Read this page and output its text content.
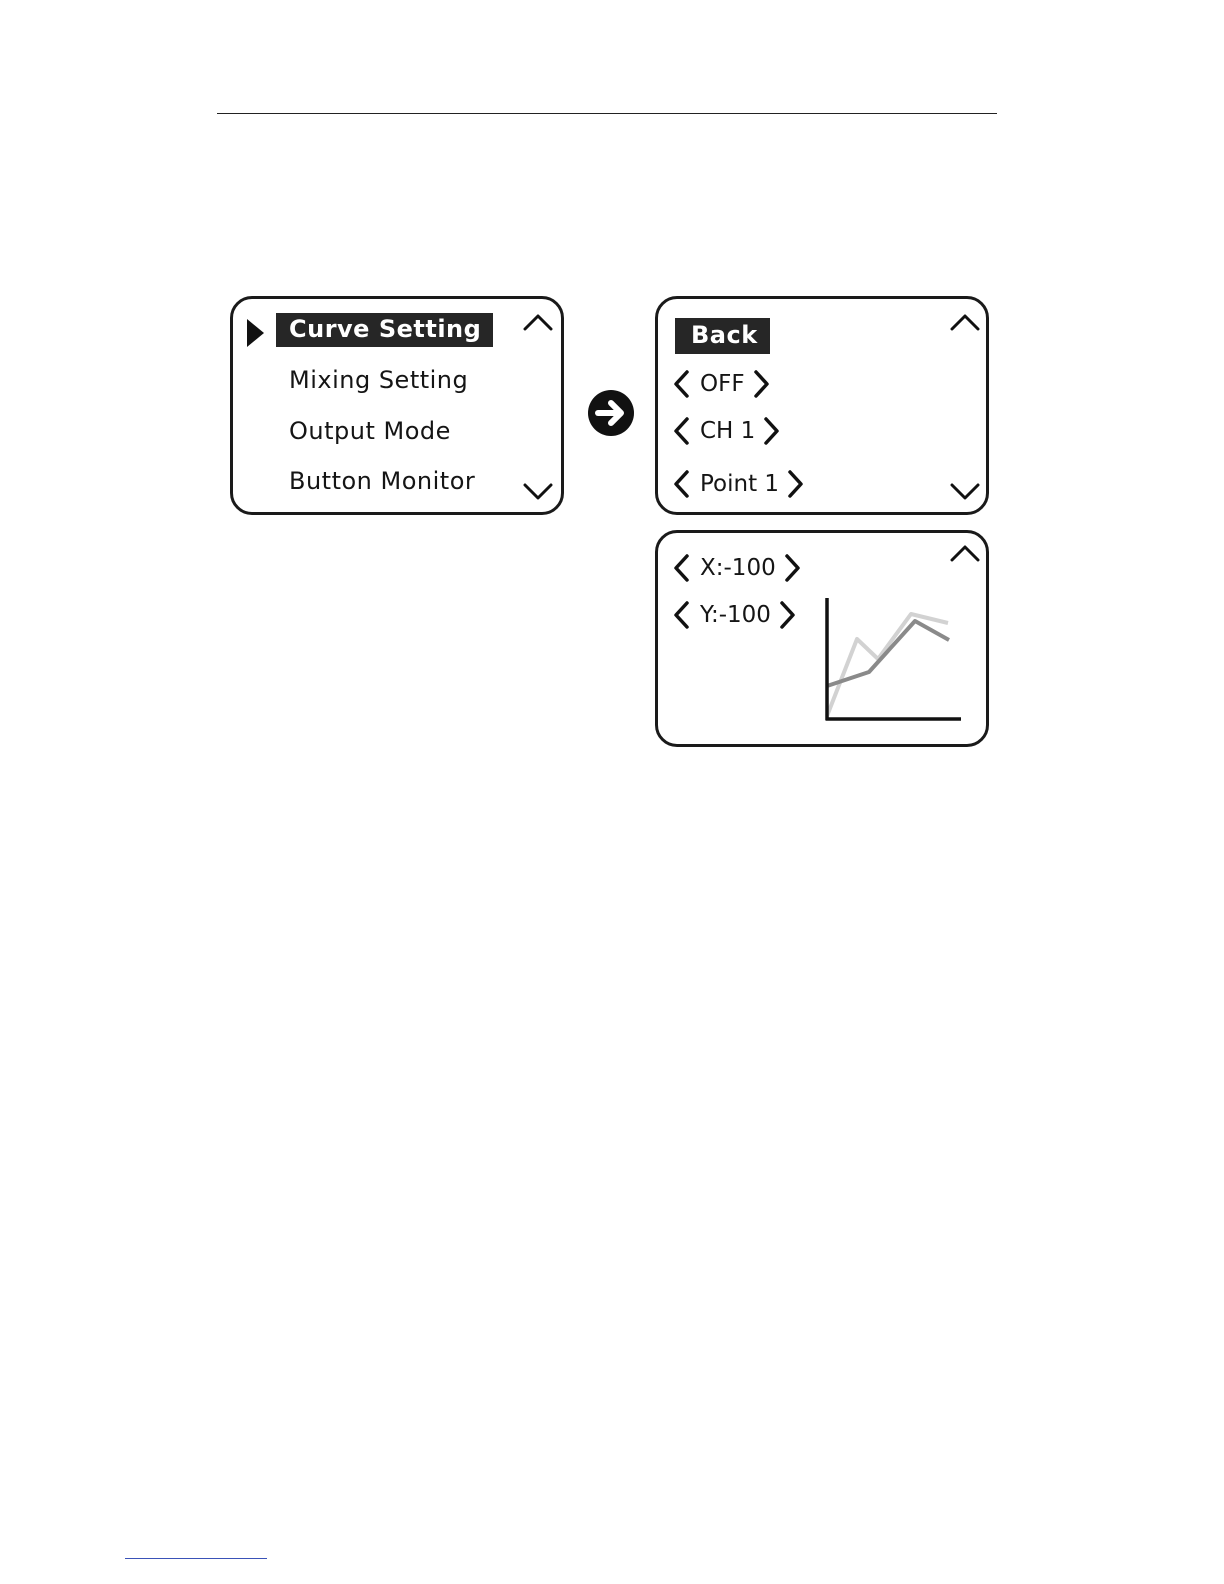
Curve Setting
Mixing Setting
Output Mode
Button Monitor
Back
OFF
CH 1
Point 1
X:-100
Y:-100
